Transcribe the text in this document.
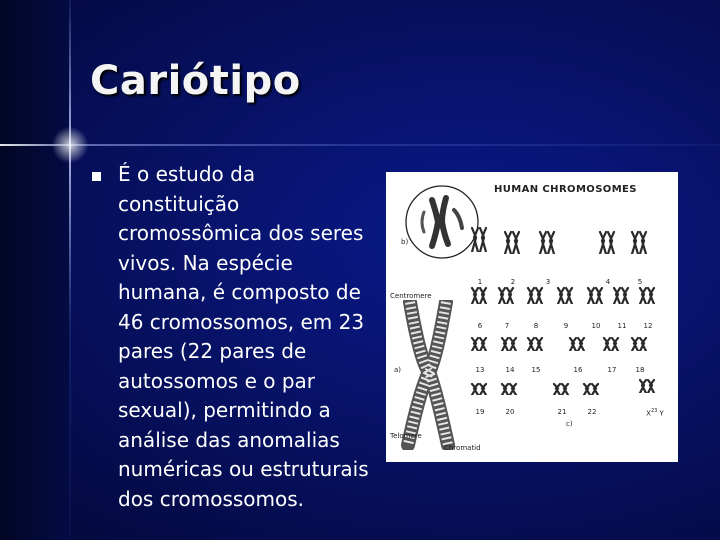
Cariótipo
É o estudo da constituição cromossômica dos seres vivos. Na espécie humana, é composto de 46 cromossomos, em 23 pares (22 pares de autossomos e o par sexual), permitindo a análise das anomalias numéricas ou estruturais dos cromossomos.
HUMAN CHROMOSOMES
b)
Centromere
a)
Telomere
Chromatid
c)
1	2	3	4	5
6	7	8	9	10	11	12
13	14	15	16	17	18
19	20	21	22	$X^{23}$ Y
